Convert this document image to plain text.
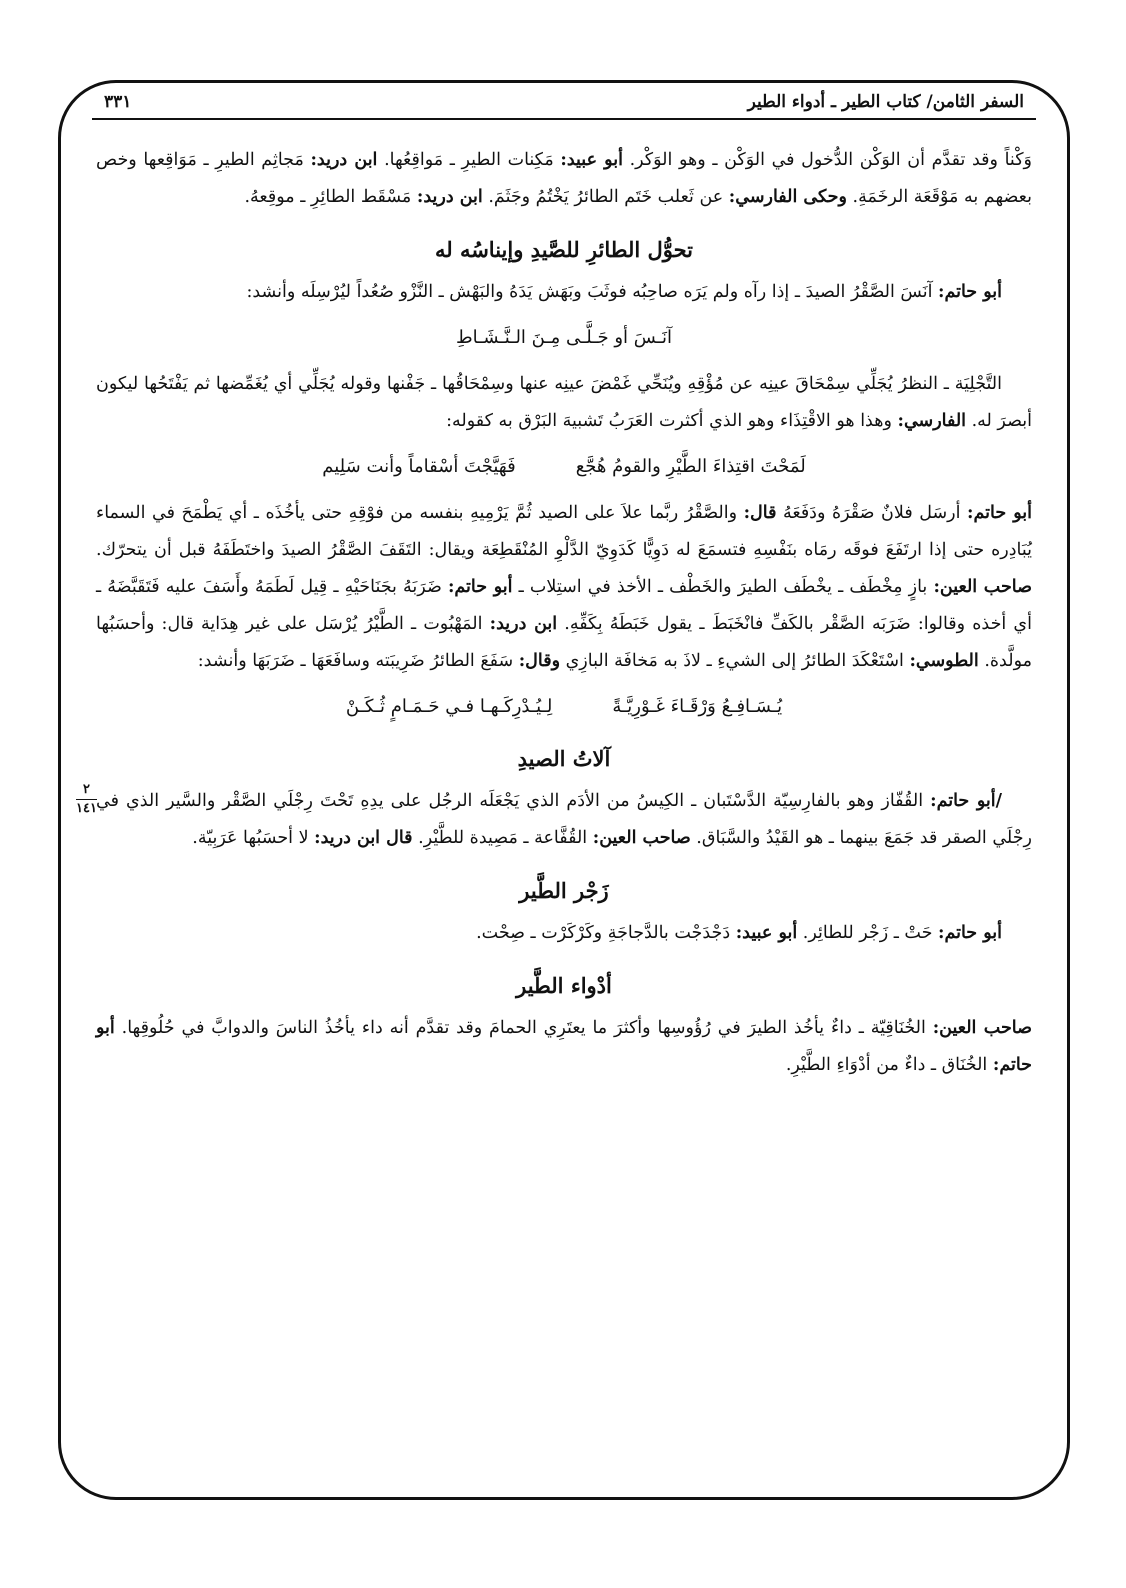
السفر الثامن/ كتاب الطير ـ أدواء الطير
٣٣١

وَكْناً وقد تقدَّم أن الوَكْن الدُّخول في الوَكْن ـ وهو الوَكْر. أبو عبيد: مَكِنات الطيرِ ـ مَواقِعُها. ابن دريد: مَجاثِم الطيرِ ـ مَوَاقِعها وخص بعضهم به مَوْقَعَة الرخَمَةِ. وحكى الفارسي: عن ثَعلب خَتَم الطائرُ يَخْتُمُ وجَثَمَ. ابن دريد: مَسْقَط الطائِرِ ـ موقِعهُ.

تحوُّل الطائرِ للصَّيدِ وإيناسُه له

أبو حاتم: آنَسَ الصَّقْرُ الصيدَ ـ إذا رآه ولم يَرَه صاحِبُه فوثَبَ وبَهَش يَدَهُ والبَهْش ـ النَّزْو صُعُداً ليُرْسِلَه وأنشد:

آنَـسَ أو جَـلَّـى مِـنَ الـنَّـشَـاطِ

التَّجْلِيَة ـ النظرُ يُجَلِّي سِمْحَاقَ عينِه عن مُؤْقِهِ ويُنَحِّي غَمْضَ عينِه عنها وسِمْحَاقُها ـ جَفْنها وقوله يُجَلِّي أي يُغَمِّضها ثم يَفْتَحُها ليكون أبصرَ له. الفارسي: وهذا هو الاقْتِذَاء وهو الذي أكثرت العَرَبُ تَشبيهَ البَرْق به كقوله:

لَمَحْتَ اقتِذاءَ الطَّيْرِ والقومُ هُجَّع
فَهَيَّجْتَ أسْقاماً وأنت سَلِيم

أبو حاتم: أرسَل فلانٌ صَقْرَهُ ودَفَعَهُ قال: والصَّقْرُ ربَّما علاَ على الصيد ثُمَّ يَرْمِيهِ بنفسه من فوْقِهِ حتى يأخُذَه ـ أي يَطْمَحَ في السماء يُبَادِره حتى إذا ارتَفَعَ فوقَه رمَاه بنَفْسِهِ فتسمَعَ له دَوِيًّا كَدَوِيّ الدَّلْوِ المُنْقَطِعَة ويقال: التَقَفَ الصَّقْرُ الصيدَ واختَطَفَهُ قبل أن يتحرّك. صاحب العين: بازٍ مِخْطَف ـ يخْطَف الطيرَ والخَطْف ـ الأخذ في استِلاب ـ أبو حاتم: ضَرَبَهُ بجَنَاحَيْهِ ـ قِيل لَطَمَهُ وأَسَفَ عليه فَتَقَبَّضَهُ ـ أي أخذه وقالوا: ضَرَبَه الصَّقْر بالكَفِّ فانْخَبَطَ ـ يقول خَبَطَهُ بِكَفِّهِ. ابن دريد: المَهْبُوت ـ الطَّيْرُ يُرْسَل على غير هِدَاية قال: وأحسَبُها مولَّدة. الطوسي: اسْتَعْكَدَ الطائرُ إلى الشيءِ ـ لاذَ به مَخافَة البازِي وقال: سَفَعَ الطائرُ ضَرِيبَته وسافَعَهَا ـ ضَرَبَهَا وأنشد:

يُـسَـافِـعُ وَرْقَـاءَ غَـوْرِيَّـةً
لِـيُـدْرِكَـهـا فـي حَـمَـامٍ ثُـكَـنْ
آلاتُ الصيدِ
٢
١٤١	/أبو حاتم: القُفّاز وهو بالفارِسِيّة الدَّسْتَبان ـ الكِيسُ من الأدَم الذي يَجْعَلَه الرجُل على يدِهِ تَحْتَ رِجْلَي الصَّقْر والسَّير الذي في رِجْلَي الصقر قد جَمَعَ بينهما ـ هو القَيْدُ والسَّبَاق. صاحب العين: القُفَّاعة ـ مَصِيدة للطَّيْرِ. قال ابن دريد: لا أحسَبُها عَرَبِيّة.

زَجْر الطَّير

أبو حاتم: حَتْ ـ زَجْر للطائِر. أبو عبيد: دَجْدَجْت بالدَّجاجَةِ وكَرْكَرْت ـ صِحْت.

أدْواء الطَّير

صاحب العين: الخُنَاقِيّة ـ داءٌ يأخُذ الطيرَ في رُؤُوسِها وأكثرَ ما يعتَرِي الحمامَ وقد تقدَّم أنه داء يأخُذُ الناسَ والدوابَّ في حُلُوقِها. أبو حاتم: الخُنَاق ـ داءٌ من أدْوَاءِ الطَّيْرِ.
